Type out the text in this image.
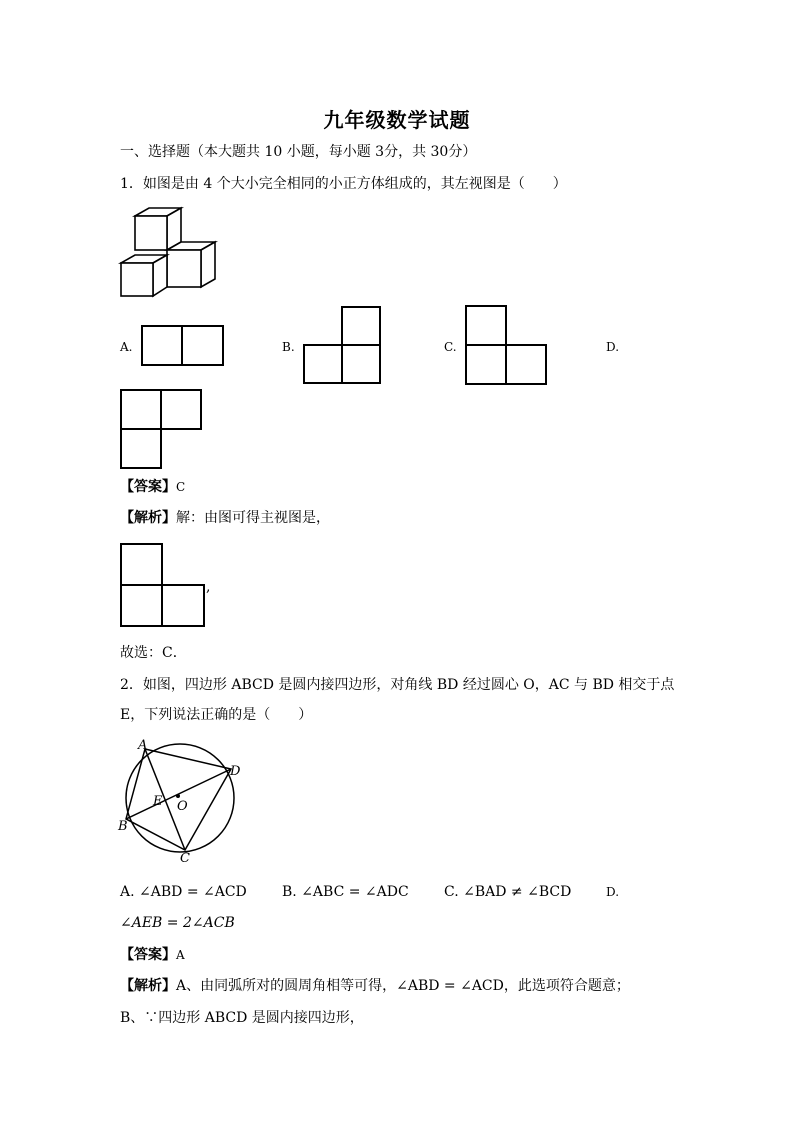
九年级数学试题
一、选择题（本大题共 10 小题，每小题 3分，共 30分）
1．如图是由 4 个大小完全相同的小正方体组成的，其左视图是（　　）
A.	B.	C.	D.
【答案】C
【解析】解：由图可得主视图是，
,
故选：C．
2．如图，四边形 ABCD 是圆内接四边形，对角线 BD 经过圆心 O，AC 与 BD 相交于点
E，下列说法正确的是（　　）
A
D
B
C
E O
A. ∠ABD = ∠ACD	B. ∠ABC = ∠ADC	C. ∠BAD ≠ ∠BCD	D.
∠AEB = 2∠ACB
【答案】A
【解析】A、由同弧所对的圆周角相等可得，∠ABD = ∠ACD，此选项符合题意；
B、∵四边形 ABCD 是圆内接四边形，
